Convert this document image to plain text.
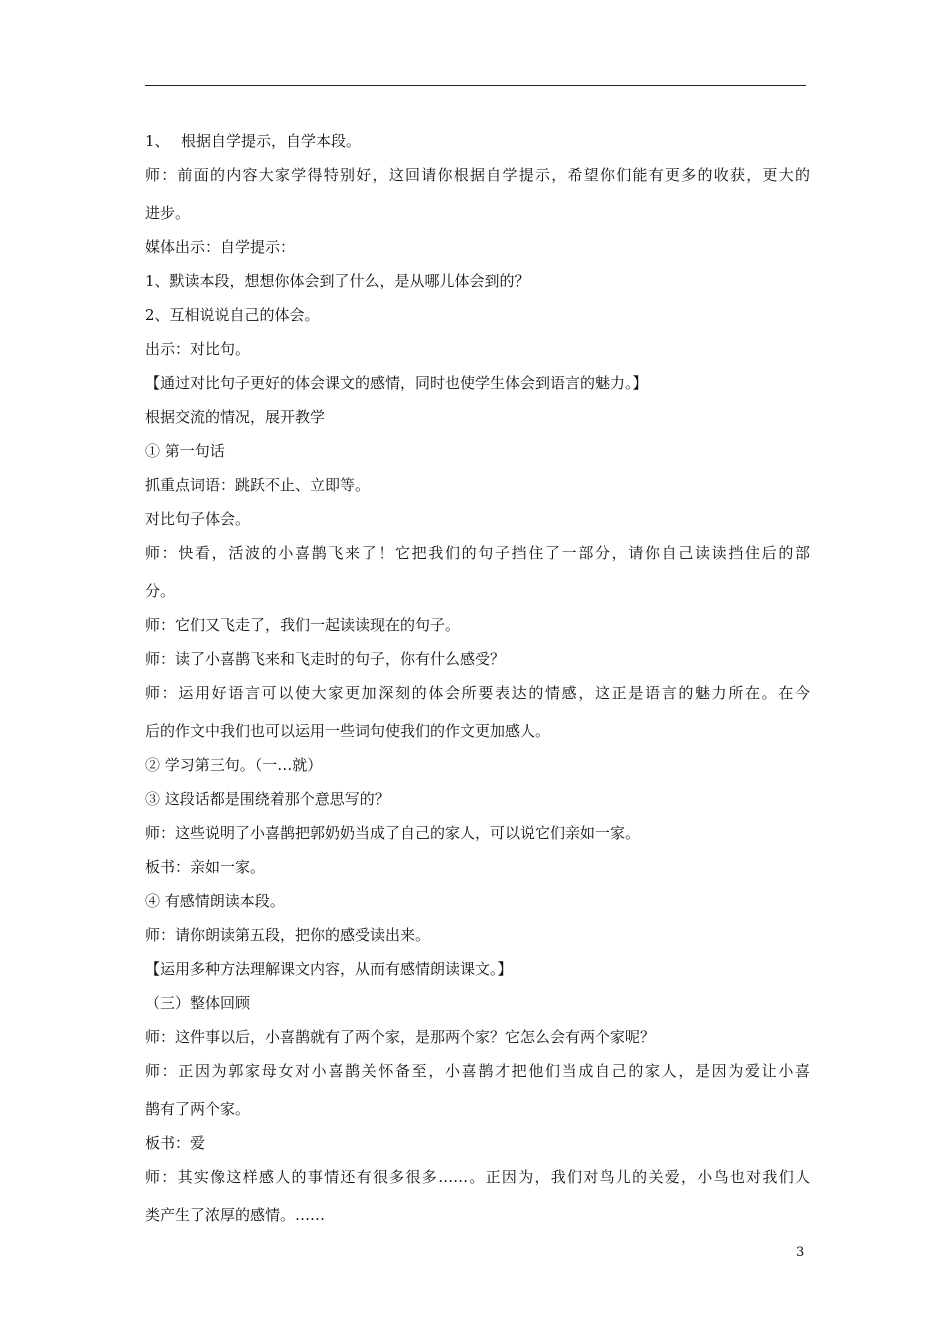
1、 根据自学提示，自学本段。
师：前面的内容大家学得特别好，这回请你根据自学提示，希望你们能有更多的收获，更大的
进步。
媒体出示：自学提示：
1、默读本段，想想你体会到了什么，是从哪儿体会到的？
2、互相说说自己的体会。
出示：对比句。
【通过对比句子更好的体会课文的感情，同时也使学生体会到语言的魅力。】
根据交流的情况，展开教学
① 第一句话
抓重点词语：跳跃不止、立即等。
对比句子体会。
师：快看，活波的小喜鹊飞来了！它把我们的句子挡住了一部分，请你自己读读挡住后的部
分。
师：它们又飞走了，我们一起读读现在的句子。
师：读了小喜鹊飞来和飞走时的句子，你有什么感受？
师：运用好语言可以使大家更加深刻的体会所要表达的情感，这正是语言的魅力所在。在今
后的作文中我们也可以运用一些词句使我们的作文更加感人。
② 学习第三句。（一…就）
③ 这段话都是围绕着那个意思写的？
师：这些说明了小喜鹊把郭奶奶当成了自己的家人，可以说它们亲如一家。
板书：亲如一家。
④ 有感情朗读本段。
师：请你朗读第五段，把你的感受读出来。
【运用多种方法理解课文内容，从而有感情朗读课文。】
（三）整体回顾
师：这件事以后，小喜鹊就有了两个家，是那两个家？它怎么会有两个家呢？
师：正因为郭家母女对小喜鹊关怀备至，小喜鹊才把他们当成自己的家人，是因为爱让小喜
鹊有了两个家。
板书：爱
师：其实像这样感人的事情还有很多很多……。正因为，我们对鸟儿的关爱，小鸟也对我们人
类产生了浓厚的感情。……
3
